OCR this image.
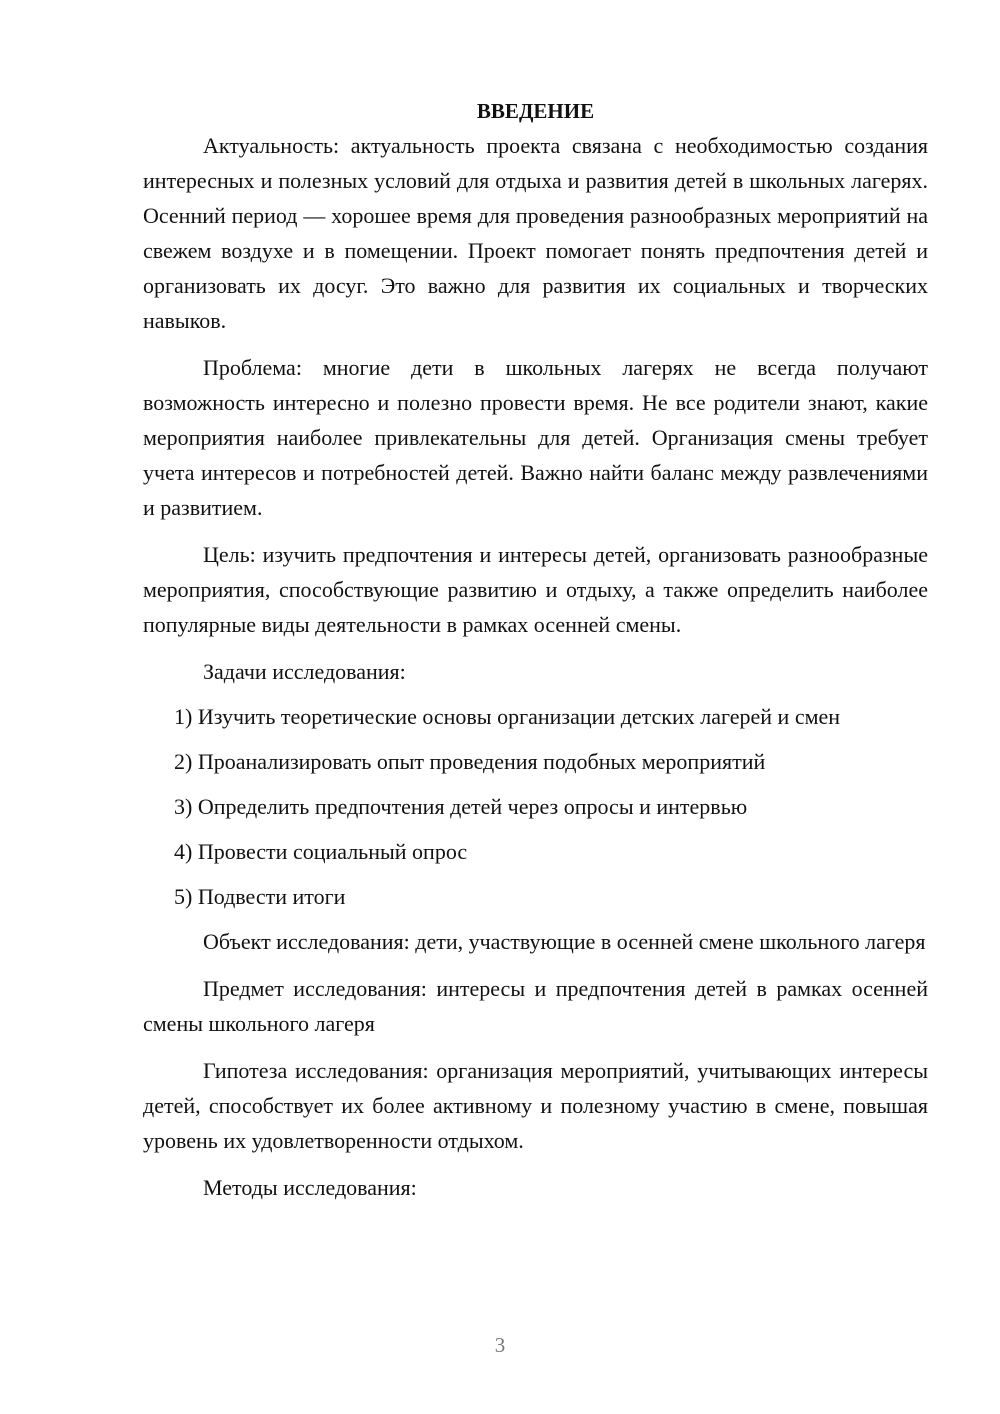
ВВЕДЕНИЕ

Актуальность: актуальность проекта связана с необходимостью создания интересных и полезных условий для отдыха и развития детей в школьных лагерях. Осенний период — хорошее время для проведения разнообразных мероприятий на свежем воздухе и в помещении. Проект помогает понять предпочтения детей и организовать их досуг. Это важно для развития их социальных и творческих навыков.

Проблема: многие дети в школьных лагерях не всегда получают возможность интересно и полезно провести время. Не все родители знают, какие мероприятия наиболее привлекательны для детей. Организация смены требует учета интересов и потребностей детей. Важно найти баланс между развлечениями и развитием.

Цель: изучить предпочтения и интересы детей, организовать разнообразные мероприятия, способствующие развитию и отдыху, а также определить наиболее популярные виды деятельности в рамках осенней смены.

Задачи исследования:

1) Изучить теоретические основы организации детских лагерей и смен

2) Проанализировать опыт проведения подобных мероприятий

3) Определить предпочтения детей через опросы и интервью

4) Провести социальный опрос

5) Подвести итоги

Объект исследования: дети, участвующие в осенней смене школьного лагеря

Предмет исследования: интересы и предпочтения детей в рамках осенней смены школьного лагеря

Гипотеза исследования: организация мероприятий, учитывающих интересы детей, способствует их более активному и полезному участию в смене, повышая уровень их удовлетворенности отдыхом.

Методы исследования:

3
